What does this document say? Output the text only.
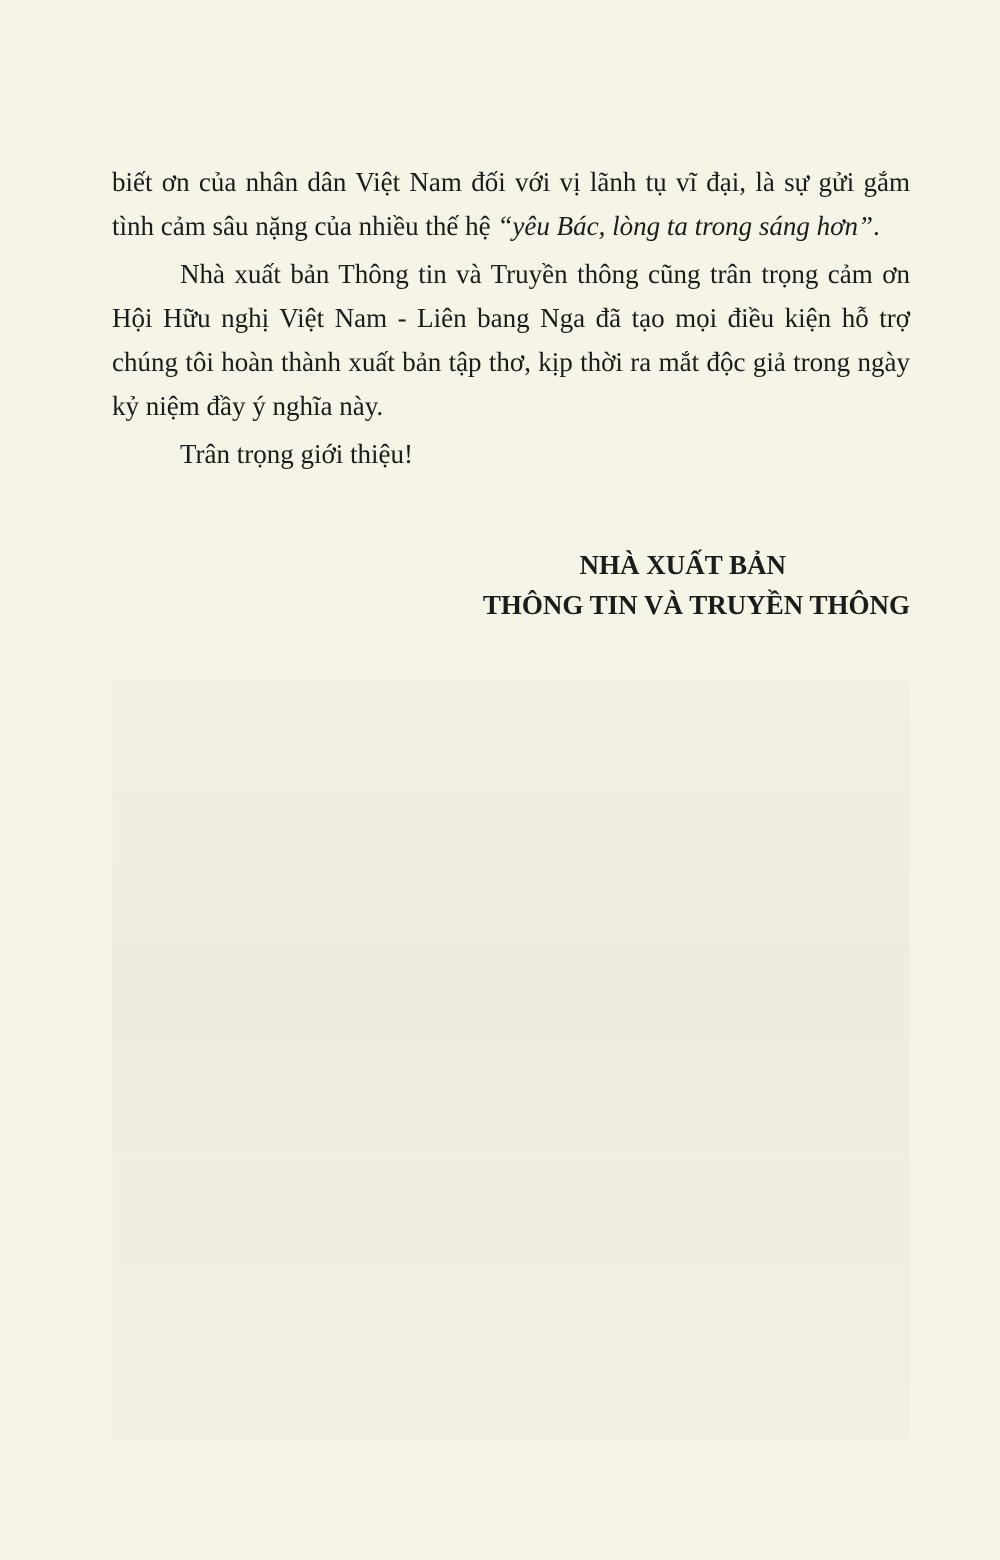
biết ơn của nhân dân Việt Nam đối với vị lãnh tụ vĩ đại, là sự gửi gắm tình cảm sâu nặng của nhiều thế hệ “yêu Bác, lòng ta trong sáng hơn”.

Nhà xuất bản Thông tin và Truyền thông cũng trân trọng cảm ơn Hội Hữu nghị Việt Nam - Liên bang Nga đã tạo mọi điều kiện hỗ trợ chúng tôi hoàn thành xuất bản tập thơ, kịp thời ra mắt độc giả trong ngày kỷ niệm đầy ý nghĩa này.

Trân trọng giới thiệu!

NHÀ XUẤT BẢN
THÔNG TIN VÀ TRUYỀN THÔNG
